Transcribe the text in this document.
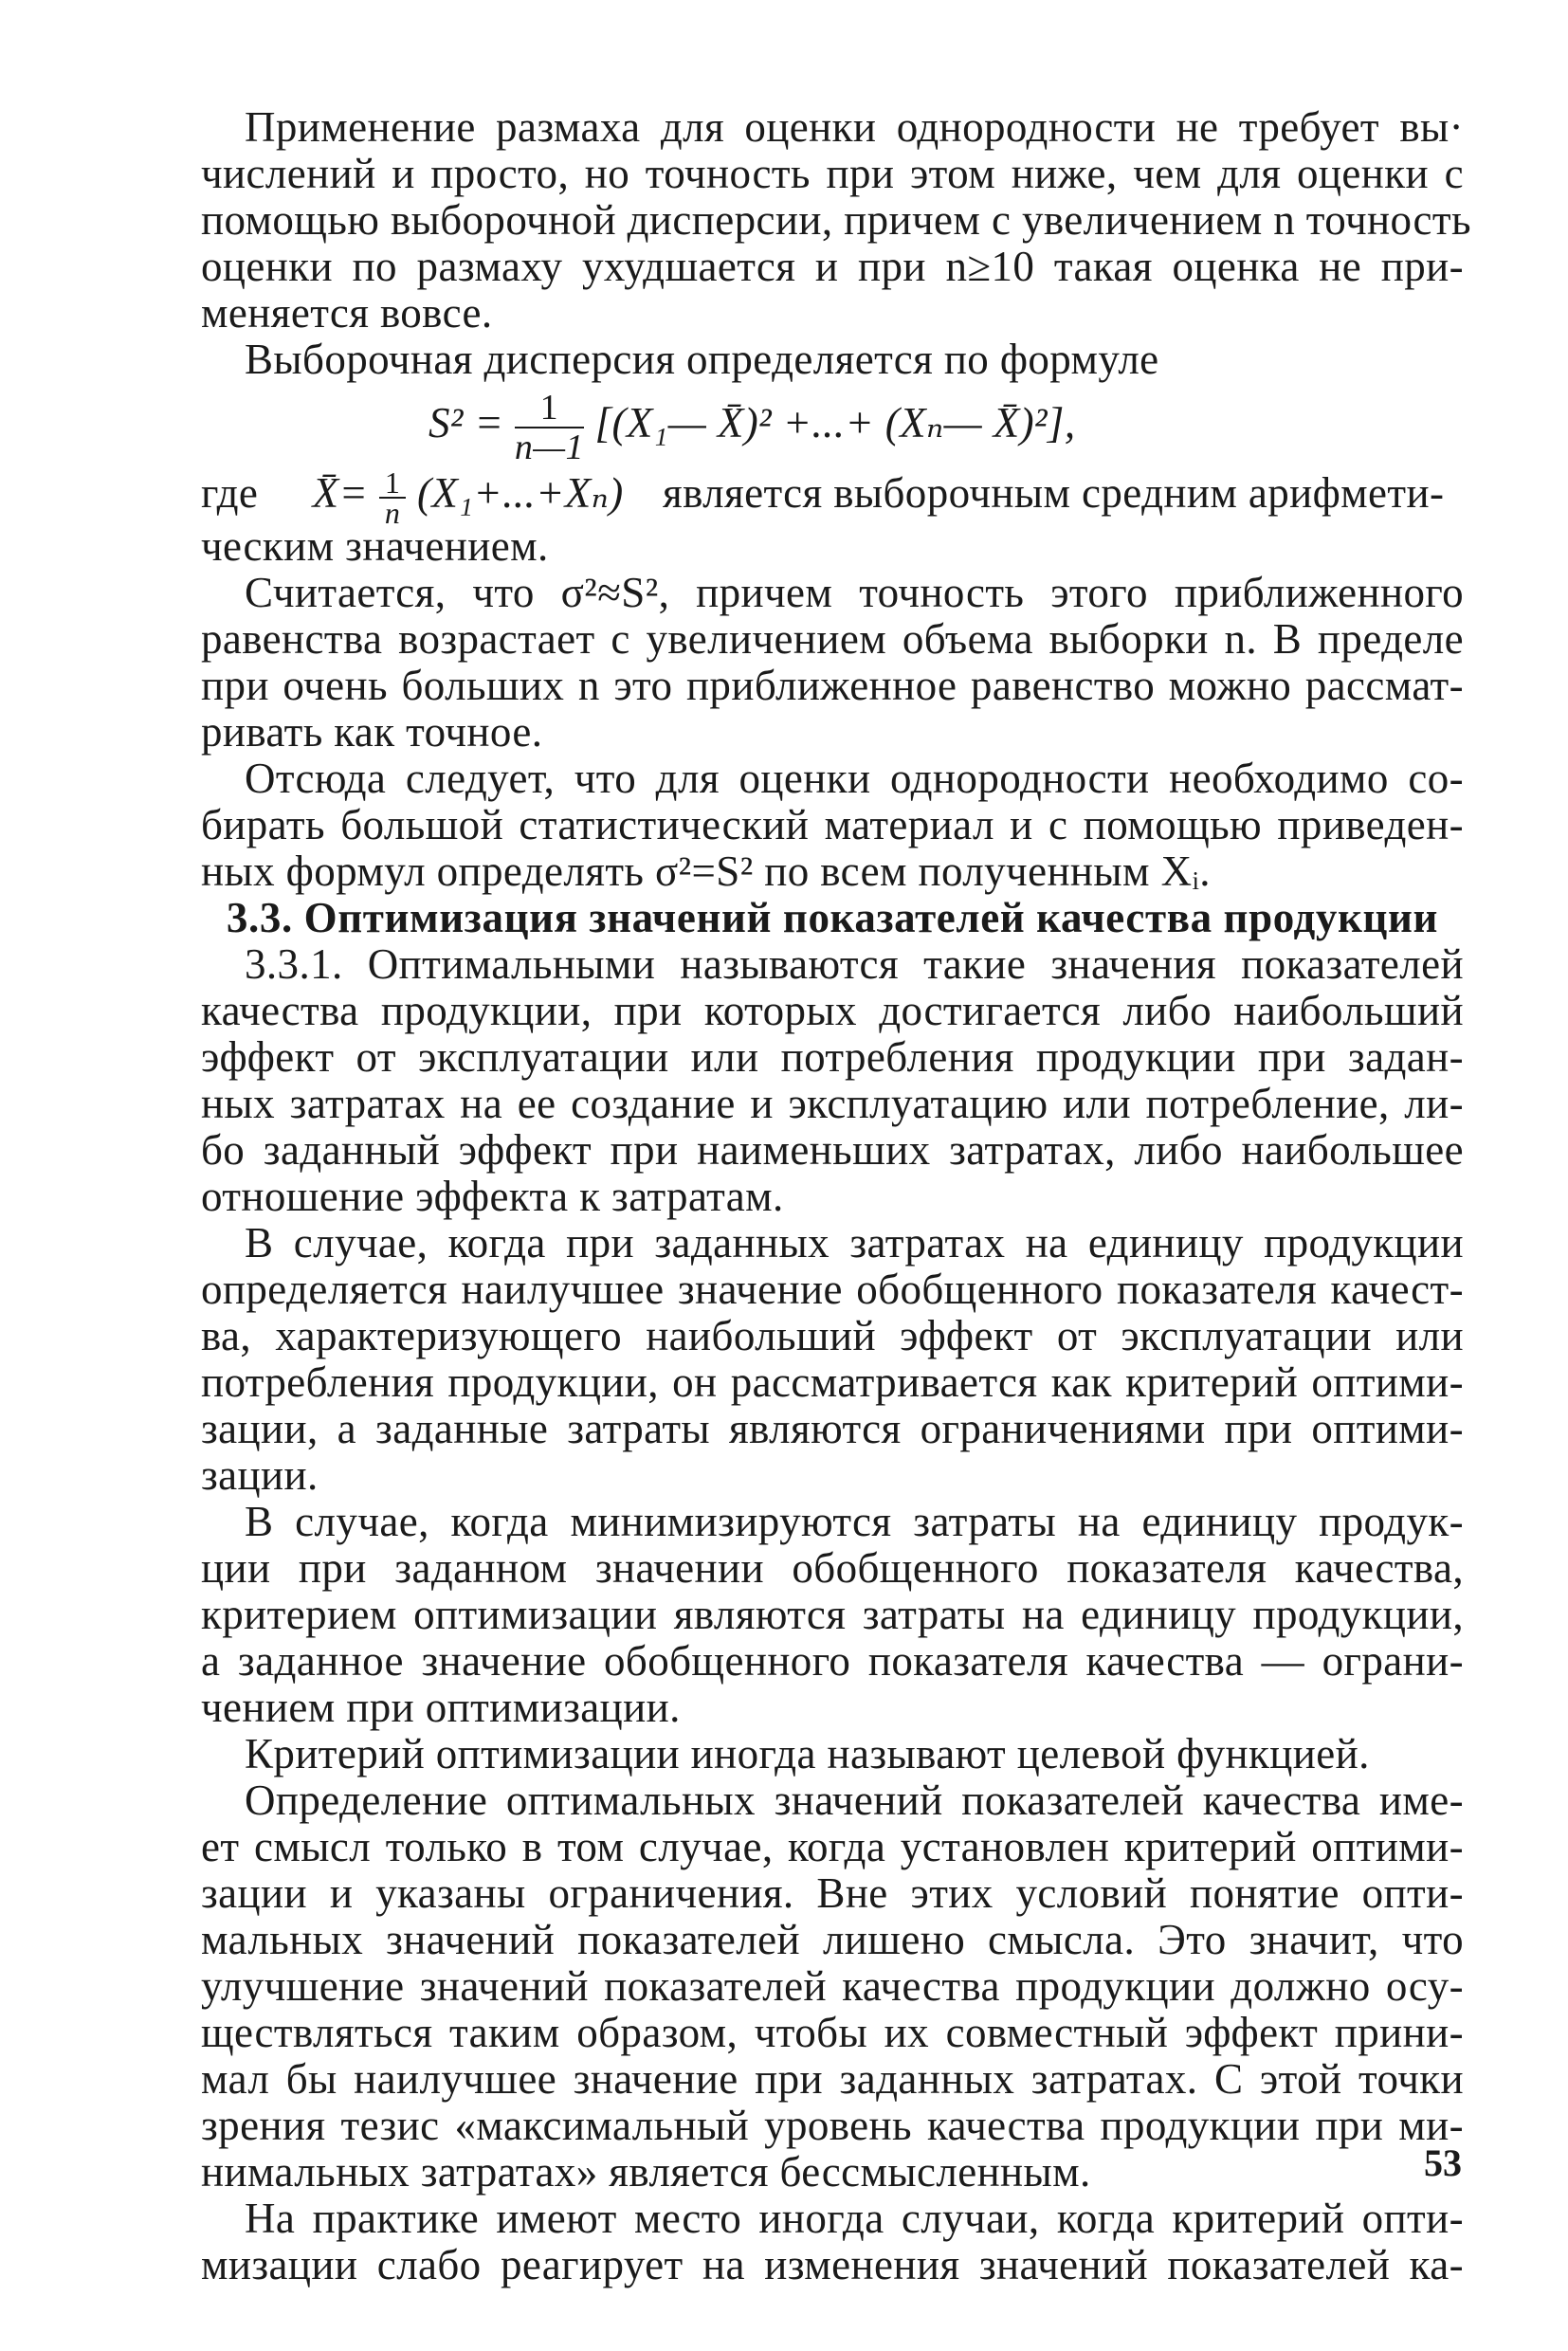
Применение размаха для оценки однородности не требует вы·
числений и просто, но точность при этом ниже, чем для оценки с
помощью выборочной дисперсии, причем с увеличением n точность
оценки по размаху ухудшается и при n≥10 такая оценка не при-
меняется вовсе.
Выборочная дисперсия определяется по формуле
$S^2 = \frac{1}{n—1}$ [(X₁— X̄)² +...+ (Xₙ— X̄)²],
где X̄= $\frac{1}{n} (X_1+...+X_n)$ является выборочным средним арифмети-
ческим значением.
Считается, что σ²≈S², причем точность этого приближенного
равенства возрастает с увеличением объема выборки n. В пределе
при очень больших n это приближенное равенство можно рассмат-
ривать как точное.
Отсюда следует, что для оценки однородности необходимо со-
бирать большой статистический материал и с помощью приведен-
ных формул определять σ²=S² по всем полученным Xᵢ.
3.3. Оптимизация значений показателей качества продукции
3.3.1. Оптимальными называются такие значения показателей
качества продукции, при которых достигается либо наибольший
эффект от эксплуатации или потребления продукции при задан-
ных затратах на ее создание и эксплуатацию или потребление, ли-
бо заданный эффект при наименьших затратах, либо наибольшее
отношение эффекта к затратам.
В случае, когда при заданных затратах на единицу продукции
определяется наилучшее значение обобщенного показателя качест-
ва, характеризующего наибольший эффект от эксплуатации или
потребления продукции, он рассматривается как критерий оптими-
зации, а заданные затраты являются ограничениями при оптими-
зации.
В случае, когда минимизируются затраты на единицу продук-
ции при заданном значении обобщенного показателя качества,
критерием оптимизации являются затраты на единицу продукции,
а заданное значение обобщенного показателя качества — ограни-
чением при оптимизации.
Критерий оптимизации иногда называют целевой функцией.
Определение оптимальных значений показателей качества име-
ет смысл только в том случае, когда установлен критерий оптими-
зации и указаны ограничения. Вне этих условий понятие опти-
мальных значений показателей лишено смысла. Это значит, что
улучшение значений показателей качества продукции должно осу-
ществляться таким образом, чтобы их совместный эффект прини-
мал бы наилучшее значение при заданных затратах. С этой точки
зрения тезис «максимальный уровень качества продукции при ми-
нимальных затратах» является бессмысленным.
На практике имеют место иногда случаи, когда критерий опти-
мизации слабо реагирует на изменения значений показателей ка-
53
